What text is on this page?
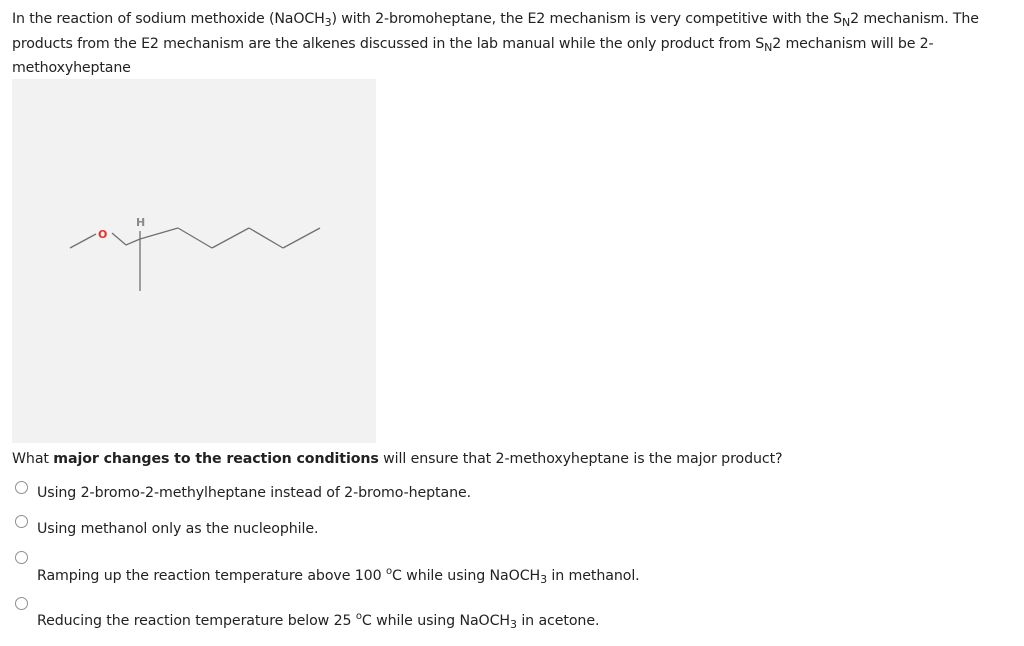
In the reaction of sodium methoxide (NaOCH$_3$) with 2-bromoheptane, the E2 mechanism is very competitive with the $S_N2$ mechanism. The products from the E2 mechanism are the alkenes discussed in the lab manual while the only product from $S_N2$ mechanism will be 2-methoxyheptane
O
H
What major changes to the reaction conditions will ensure that 2-methoxyheptane is the major product?
Using 2-bromo-2-methylheptane instead of 2-bromo-heptane.
Using methanol only as the nucleophile.
Ramping up the reaction temperature above 100 $^o$C while using NaOCH$_3$ in methanol.
Reducing the reaction temperature below 25 $^o$C while using NaOCH$_3$ in acetone.
